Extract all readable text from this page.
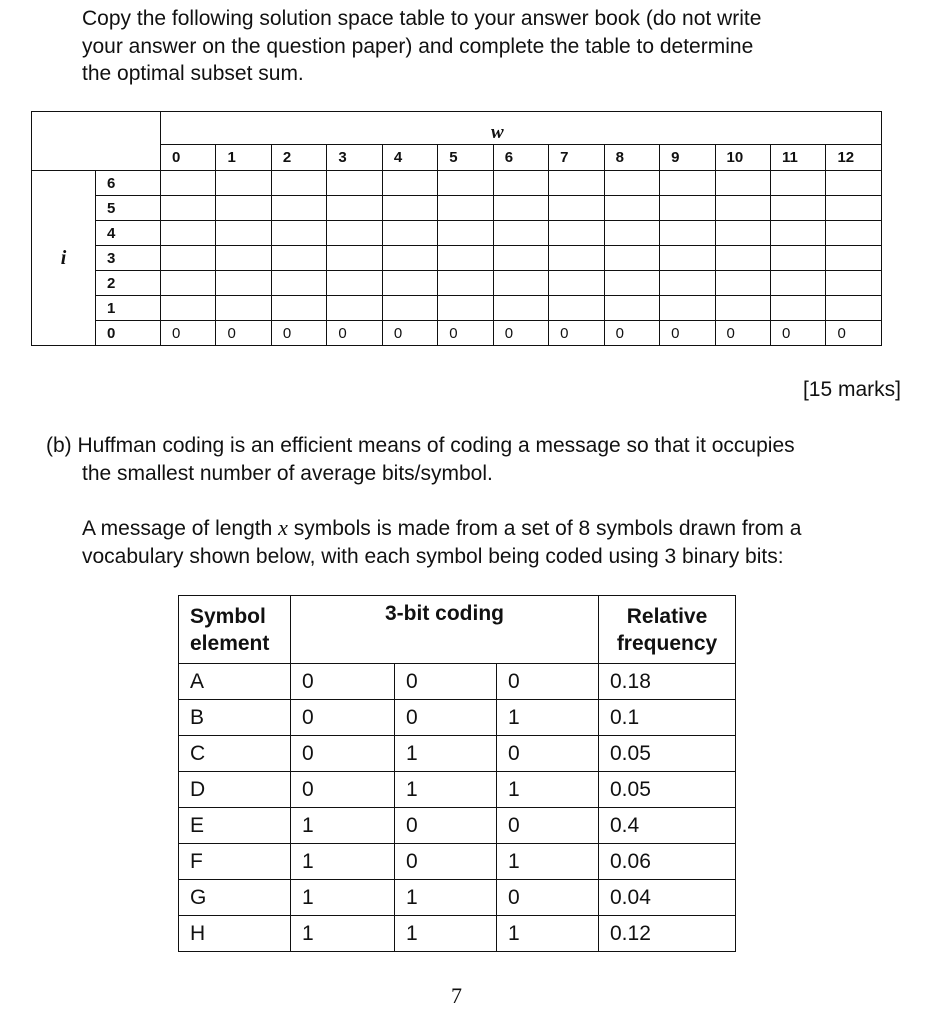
Copy the following solution space table to your answer book (do not write
your answer on the question paper) and complete the table to determine
the optimal subset sum.
		w												
		0	1	2	3	4	5	6	7	8	9	10	11	12
i	6													
	5													
	4													
	3													
	2													
	1													
	0	0	0	0	0	0	0	0	0	0	0	0	0	0
[15 marks]
(b) Huffman coding is an efficient means of coding a message so that it occupies
the smallest number of average bits/symbol.
A message of length x symbols is made from a set of 8 symbols drawn from a
vocabulary shown below, with each symbol being coded using 3 binary bits:
Symbol
element
	3-bit coding	Relative
frequency

A	0	0	0	0.18
B	0	0	1	0.1
C	0	1	0	0.05
D	0	1	1	0.05
E	1	0	0	0.4
F	1	0	1	0.06
G	1	1	0	0.04
H	1	1	1	0.12
7
